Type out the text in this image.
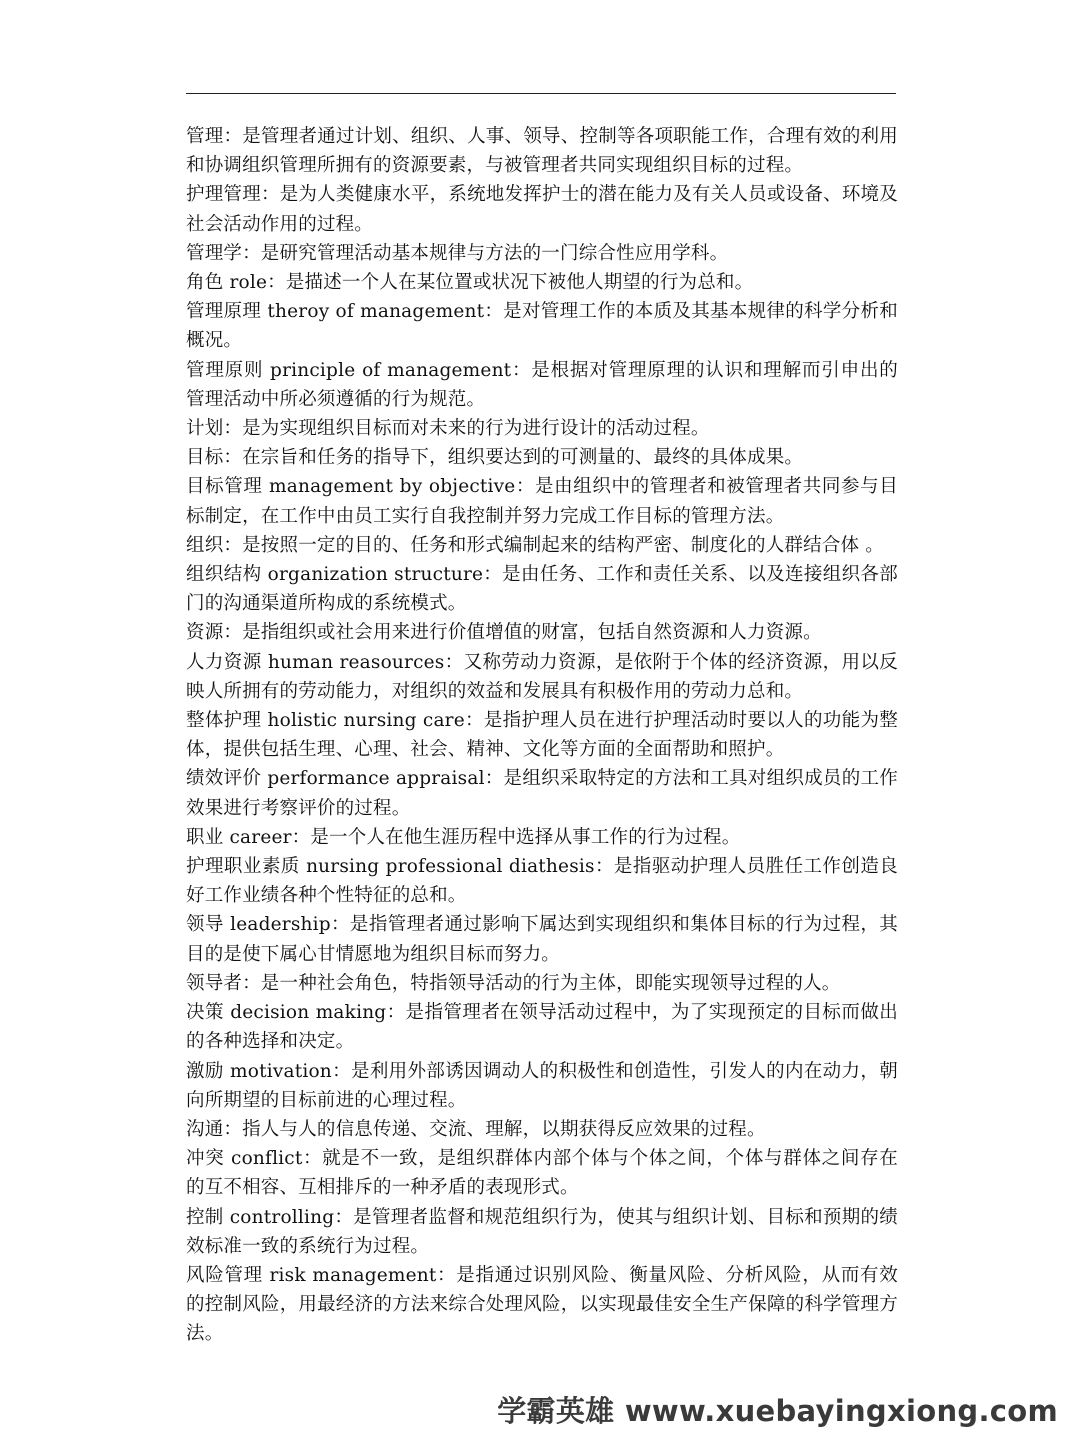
管理：是管理者通过计划、组织、人事、领导、控制等各项职能工作，合理有效的利用和协调组织管理所拥有的资源要素，与被管理者共同实现组织目标的过程。

护理管理：是为人类健康水平，系统地发挥护士的潜在能力及有关人员或设备、环境及社会活动作用的过程。

管理学：是研究管理活动基本规律与方法的一门综合性应用学科。

角色 role：是描述一个人在某位置或状况下被他人期望的行为总和。

管理原理 theroy of management：是对管理工作的本质及其基本规律的科学分析和概况。

管理原则 principle of management：是根据对管理原理的认识和理解而引申出的管理活动中所必须遵循的行为规范。

计划：是为实现组织目标而对未来的行为进行设计的活动过程。

目标：在宗旨和任务的指导下，组织要达到的可测量的、最终的具体成果。

目标管理 management by objective：是由组织中的管理者和被管理者共同参与目标制定，在工作中由员工实行自我控制并努力完成工作目标的管理方法。

组织：是按照一定的目的、任务和形式编制起来的结构严密、制度化的人群结合体 。

组织结构 organization structure：是由任务、工作和责任关系、以及连接组织各部门的沟通渠道所构成的系统模式。

资源：是指组织或社会用来进行价值增值的财富，包括自然资源和人力资源。

人力资源 human reasources：又称劳动力资源，是依附于个体的经济资源，用以反映人所拥有的劳动能力，对组织的效益和发展具有积极作用的劳动力总和。

整体护理 holistic nursing care：是指护理人员在进行护理活动时要以人的功能为整体，提供包括生理、心理、社会、精神、文化等方面的全面帮助和照护。

绩效评价 performance appraisal：是组织采取特定的方法和工具对组织成员的工作效果进行考察评价的过程。

职业 career：是一个人在他生涯历程中选择从事工作的行为过程。

护理职业素质 nursing professional diathesis：是指驱动护理人员胜任工作创造良好工作业绩各种个性特征的总和。

领导 leadership：是指管理者通过影响下属达到实现组织和集体目标的行为过程，其目的是使下属心甘情愿地为组织目标而努力。

领导者：是一种社会角色，特指领导活动的行为主体，即能实现领导过程的人。

决策 decision making：是指管理者在领导活动过程中，为了实现预定的目标而做出的各种选择和决定。

激励 motivation：是利用外部诱因调动人的积极性和创造性，引发人的内在动力，朝向所期望的目标前进的心理过程。

沟通：指人与人的信息传递、交流、理解，以期获得反应效果的过程。

冲突 conflict：就是不一致，是组织群体内部个体与个体之间，个体与群体之间存在的互不相容、互相排斥的一种矛盾的表现形式。

控制 controlling：是管理者监督和规范组织行为，使其与组织计划、目标和预期的绩效标准一致的系统行为过程。

风险管理 risk management：是指通过识别风险、衡量风险、分析风险，从而有效的控制风险，用最经济的方法来综合处理风险，以实现最佳安全生产保障的科学管理方法。

学霸英雄 www.xuebayingxiong.com
